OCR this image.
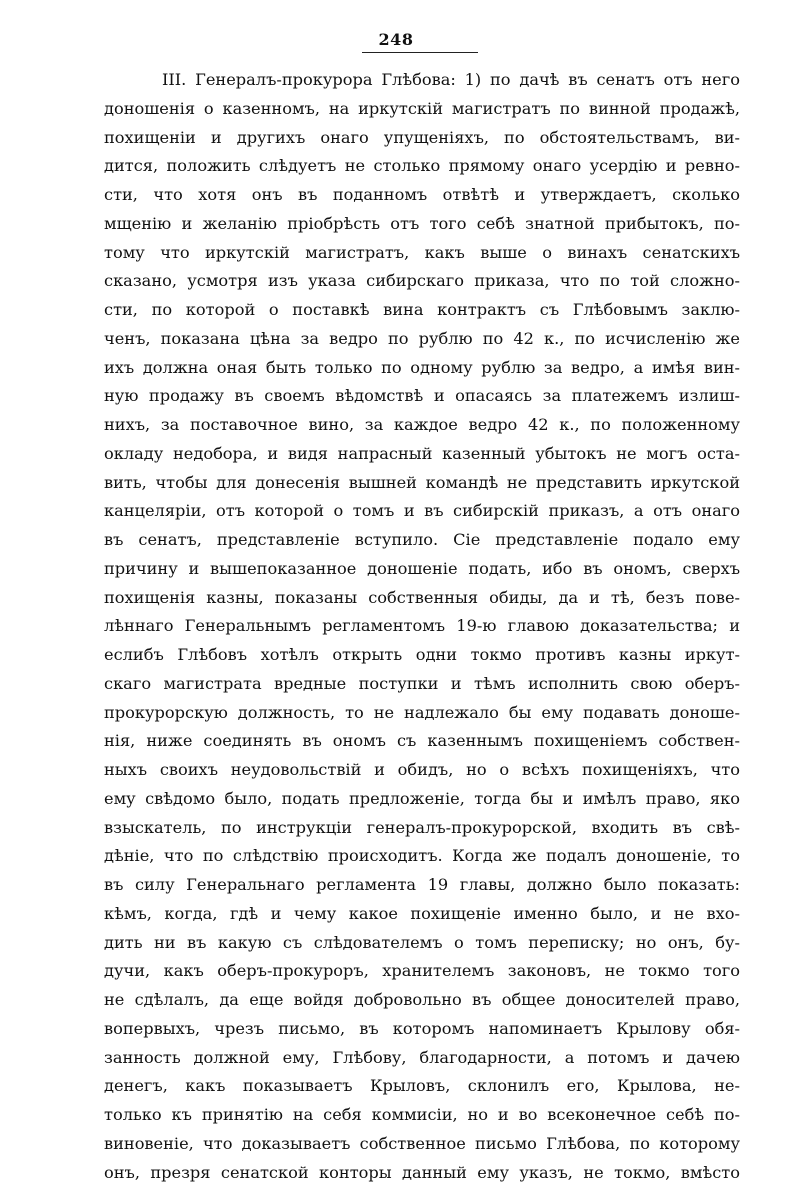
248
III. Генералъ-прокурора Глѣбова: 1) по дачѣ въ сенатъ отъ него
доношенія о казенномъ, на иркутскій магистратъ по винной продажѣ,
похищеніи и другихъ онаго упущеніяхъ, по обстоятельствамъ, ви-
дится, положить слѣдуетъ не столько прямому онаго усердію и ревно-
сти, что хотя онъ въ поданномъ отвѣтѣ и утверждаетъ, сколько
мщенію и желанію пріобрѣсть отъ того себѣ знатной прибытокъ, по-
тому что иркутскій магистратъ, какъ выше о винахъ сенатскихъ
сказано, усмотря изъ указа сибирскаго приказа, что по той сложно-
сти, по которой о поставкѣ вина контрактъ съ Глѣбовымъ заклю-
ченъ, показана цѣна за ведро по рублю по 42 к., по исчисленію же
ихъ должна оная быть только по одному рублю за ведро, а имѣя вин-
ную продажу въ своемъ вѣдомствѣ и опасаясь за платежемъ излиш-
нихъ, за поставочное вино, за каждое ведро 42 к., по положенному
окладу недобора, и видя напрасный казенный убытокъ не могъ оста-
вить, чтобы для донесенія вышней командѣ не представить иркутской
канцеляріи, отъ которой о томъ и въ сибирскій приказъ, а отъ онаго
въ сенатъ, представленіе вступило. Сіе представленіе подало ему
причину и вышепоказанное доношеніе подать, ибо въ ономъ, сверхъ
похищенія казны, показаны собственныя обиды, да и тѣ, безъ пове-
лѣннаго Генеральнымъ регламентомъ 19-ю главою доказательства; и
еслибъ Глѣбовъ хотѣлъ открыть одни токмо противъ казны иркут-
скаго магистрата вредные поступки и тѣмъ исполнить свою оберъ-
прокурорскую должность, то не надлежало бы ему подавать доноше-
нія, ниже соединять въ ономъ съ казеннымъ похищеніемъ собствен-
ныхъ своихъ неудовольствій и обидъ, но о всѣхъ похищеніяхъ, что
ему свѣдомо было, подать предложеніе, тогда бы и имѣлъ право, яко
взыскатель, по инструкціи генералъ-прокурорской, входить въ свѣ-
дѣніе, что по слѣдствію происходитъ. Когда же подалъ доношеніе, то
въ силу Генеральнаго регламента 19 главы, должно было показать:
кѣмъ, когда, гдѣ и чему какое похищеніе именно было, и не вхо-
дить ни въ какую съ слѣдователемъ о томъ переписку; но онъ, бу-
дучи, какъ оберъ-прокуроръ, хранителемъ законовъ, не токмо того
не сдѣлалъ, да еще войдя добровольно въ общее доносителей право,
вопервыхъ, чрезъ письмо, въ которомъ напоминаетъ Крылову обя-
занность должной ему, Глѣбову, благодарности, а потомъ и дачею
денегъ, какъ показываетъ Крыловъ, склонилъ его, Крылова, не-
только къ принятію на себя коммисіи, но и во всеконечное себѣ по-
виновеніе, что доказываетъ собственное письмо Глѣбова, по которому
онъ, презря сенатской конторы данный ему указъ, не токмо, вмѣсто
